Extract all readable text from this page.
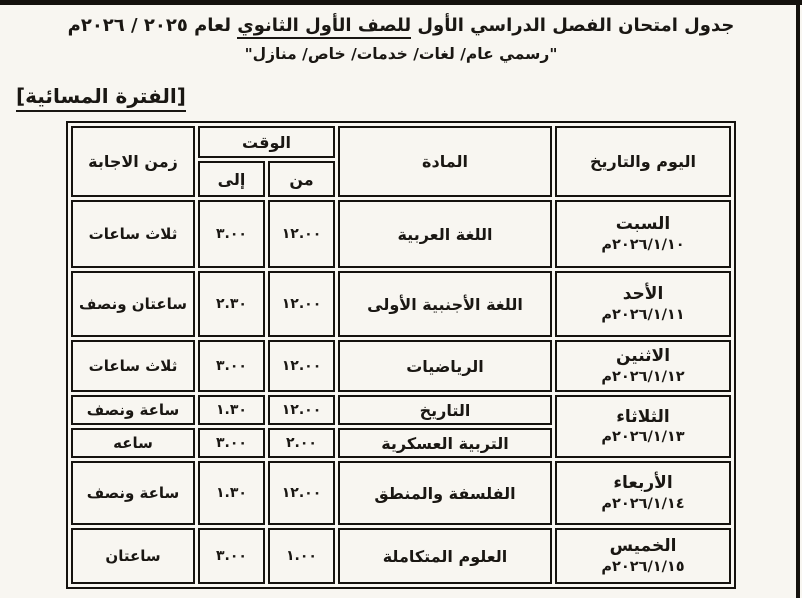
جدول امتحان الفصل الدراسي الأول للصف الأول الثانوي لعام ٢٠٢٥ / ٢٠٢٦م
"رسمي عام/ لغات/ خدمات/ خاص/ منازل"
[الفترة المسائية]
اليوم والتاريخ	المادة	الوقت		زمن الاجابة
		من	إلى	

السبت
٢٠٢٦/١/١٠م	اللغة العربية	١٢.٠٠	٣.٠٠	ثلاث ساعات

الأحد
٢٠٢٦/١/١١م	اللغة الأجنبية الأولى	١٢.٠٠	٢.٣٠	ساعتان ونصف

الاثنين
٢٠٢٦/١/١٢م	الرياضيات	١٢.٠٠	٣.٠٠	ثلاث ساعات

الثلاثاء
٢٠٢٦/١/١٣م	التاريخ	١٢.٠٠	١.٣٠	ساعة ونصف
	التربية العسكرية	٢.٠٠	٣.٠٠	ساعه

الأربعاء
٢٠٢٦/١/١٤م	الفلسفة والمنطق	١٢.٠٠	١.٣٠	ساعة ونصف

الخميس
٢٠٢٦/١/١٥م	العلوم المتكاملة	١.٠٠	٣.٠٠	ساعتان
